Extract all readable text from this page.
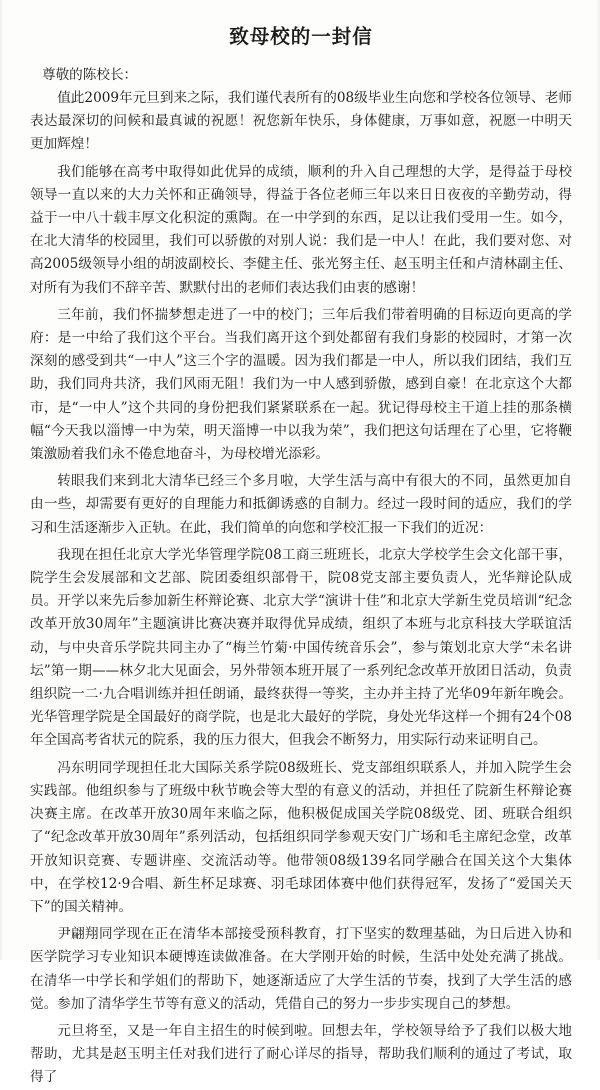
致母校的一封信

尊敬的陈校长：

值此2009年元旦到来之际，我们谨代表所有的08级毕业生向您和学校各位领导、老师表达最深切的问候和最真诚的祝愿！祝您新年快乐，身体健康，万事如意，祝愿一中明天更加辉煌！

我们能够在高考中取得如此优异的成绩，顺利的升入自己理想的大学，是得益于母校领导一直以来的大力关怀和正确领导，得益于各位老师三年以来日日夜夜的辛勤劳动，得益于一中八十载丰厚文化积淀的熏陶。在一中学到的东西，足以让我们受用一生。如今，在北大清华的校园里，我们可以骄傲的对别人说：我们是一中人！在此，我们要对您、对高2005级领导小组的胡波副校长、李健主任、张光努主任、赵玉明主任和卢清林副主任、对所有为我们不辞辛苦、默默付出的老师们表达我们由衷的感谢！

三年前，我们怀揣梦想走进了一中的校门；三年后我们带着明确的目标迈向更高的学府：是一中给了我们这个平台。当我们离开这个到处都留有我们身影的校园时，才第一次深刻的感受到共“一中人”这三个字的温暖。因为我们都是一中人，所以我们团结，我们互助，我们同舟共济，我们风雨无阻！我们为一中人感到骄傲，感到自豪！在北京这个大都市，是“一中人”这个共同的身份把我们紧紧联系在一起。犹记得母校主干道上挂的那条横幅“今天我以淄博一中为荣，明天淄博一中以我为荣”，我们把这句话理在了心里，它将鞭策激励着我们永不倦怠地奋斗，为母校增光添彩。

转眼我们来到北大清华已经三个多月啦，大学生活与高中有很大的不同，虽然更加自由一些，却需要有更好的自理能力和抵御诱惑的自制力。经过一段时间的适应，我们的学习和生活逐渐步入正轨。在此，我们简单的向您和学校汇报一下我们的近况：

我现在担任北京大学光华管理学院08工商三班班长，北京大学校学生会文化部干事，院学生会发展部和文艺部、院团委组织部骨干，院08党支部主要负责人，光华辩论队成员。开学以来先后参加新生杯辩论赛、北京大学“演讲十佳”和北京大学新生党员培训“纪念改革开放30周年”主题演讲比赛决赛并取得优异成绩，组织了本班与北京科技大学联谊活动，与中央音乐学院共同主办了“梅兰竹菊·中国传统音乐会”，参与策划北京大学“未名讲坛”第一期——林夕北大见面会，另外带领本班开展了一系列纪念改革开放团日活动，负责组织院一二·九合唱训练并担任朗诵，最终获得一等奖，主办并主持了光华09年新年晚会。光华管理学院是全国最好的商学院，也是北大最好的学院，身处光华这样一个拥有24个08年全国高考省状元的院系，我的压力很大，但我会不断努力，用实际行动来证明自己。

冯东明同学现担任北大国际关系学院08级班长、党支部组织联系人，并加入院学生会实践部。他组织参与了班级中秋节晚会等大型的有意义的活动，并担任了院新生杯辩论赛决赛主席。在改革开放30周年来临之际，他积极促成国关学院08级党、团、班联合组织了“纪念改革开放30周年”系列活动，包括组织同学参观天安门广场和毛主席纪念堂，改革开放知识竞赛、专题讲座、交流活动等。他带领08级139名同学融合在国关这个大集体中，在学校12·9合唱、新生杯足球赛、羽毛球团体赛中他们获得冠军，发扬了“爱国关天下”的国关精神。

尹翩翔同学现在正在清华本部接受预科教育，打下坚实的数理基础，为日后进入协和医学院学习专业知识本硬博连读做准备。在大学刚开始的时候，生活中处处充满了挑战。在清华一中学长和学姐们的帮助下，她逐渐适应了大学生活的节奏，找到了大学生活的感觉。参加了清华学生节等有意义的活动，凭借自己的努力一步步实现自己的梦想。

元旦将至，又是一年自主招生的时候到啦。回想去年，学校领导给予了我们以极大地帮助，尤其是赵玉明主任对我们进行了耐心详尽的指导，帮助我们顺利的通过了考试，取得了
